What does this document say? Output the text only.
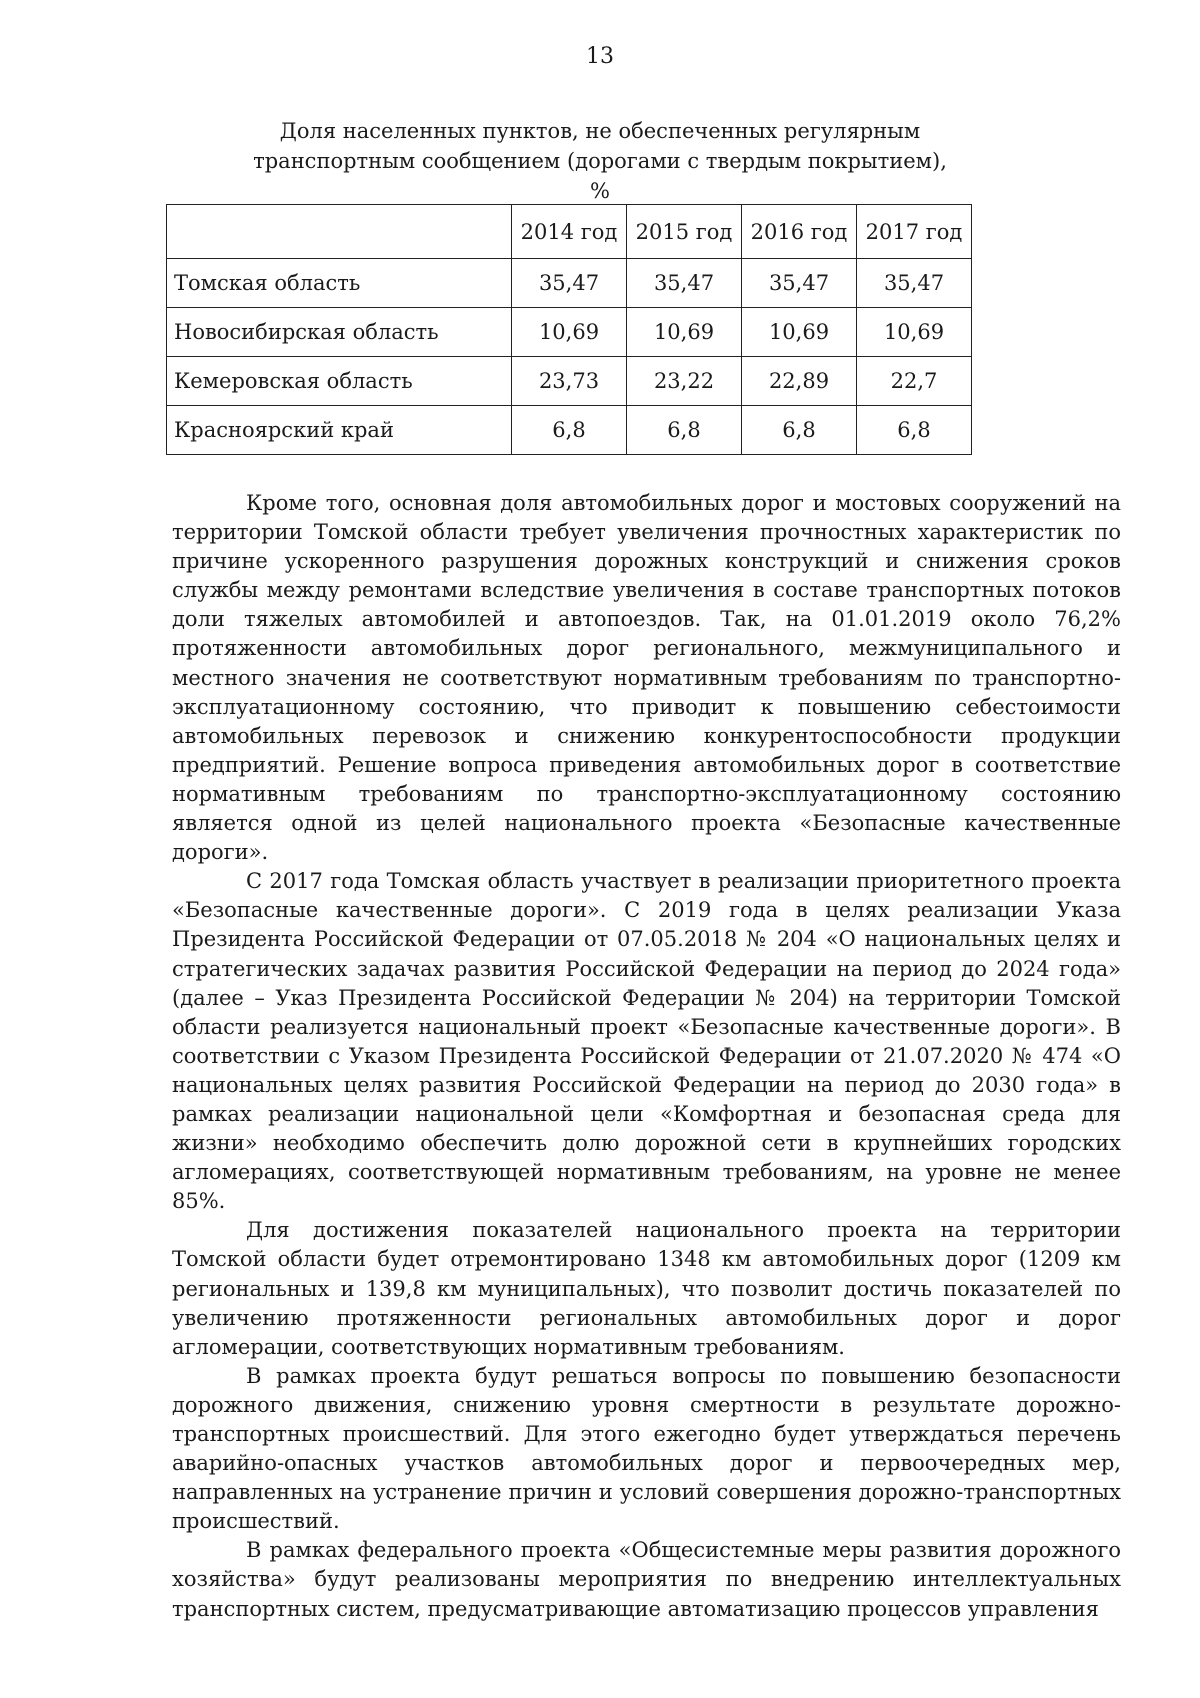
13
Доля населенных пунктов, не обеспеченных регулярным
транспортным сообщением (дорогами с твердым покрытием), %
	2014 год	2015 год	2016 год	2017 год
Томская область	35,47	35,47	35,47	35,47
Новосибирская область	10,69	10,69	10,69	10,69
Кемеровская область	23,73	23,22	22,89	22,7
Красноярский край	6,8	6,8	6,8	6,8

Кроме того, основная доля автомобильных дорог и мостовых сооружений на территории Томской области требует увеличения прочностных характеристик по причине ускоренного разрушения дорожных конструкций и снижения сроков службы между ремонтами вследствие увеличения в составе транспортных потоков доли тяжелых автомобилей и автопоездов. Так, на 01.01.2019 около 76,2% протяженности автомобильных дорог регионального, межмуниципального и местного значения не соответствуют нормативным требованиям по транспортно-эксплуатационному состоянию, что приводит к повышению себестоимости автомобильных перевозок и снижению конкурентоспособности продукции предприятий. Решение вопроса приведения автомобильных дорог в соответствие нормативным требованиям по транспортно-эксплуатационному состоянию является одной из целей национального проекта «Безопасные качественные дороги».

С 2017 года Томская область участвует в реализации приоритетного проекта «Безопасные качественные дороги». С 2019 года в целях реализации Указа Президента Российской Федерации от 07.05.2018 № 204 «О национальных целях и стратегических задачах развития Российской Федерации на период до 2024 года» (далее – Указ Президента Российской Федерации № 204) на территории Томской области реализуется национальный проект «Безопасные качественные дороги». В соответствии с Указом Президента Российской Федерации от 21.07.2020 № 474 «О национальных целях развития Российской Федерации на период до 2030 года» в рамках реализации национальной цели «Комфортная и безопасная среда для жизни» необходимо обеспечить долю дорожной сети в крупнейших городских агломерациях, соответствующей нормативным требованиям, на уровне не менее 85%.

Для достижения показателей национального проекта на территории Томской области будет отремонтировано 1348 км автомобильных дорог (1209 км региональных и 139,8 км муниципальных), что позволит достичь показателей по увеличению протяженности региональных автомобильных дорог и дорог агломерации, соответствующих нормативным требованиям.

В рамках проекта будут решаться вопросы по повышению безопасности дорожного движения, снижению уровня смертности в результате дорожно-транспортных происшествий. Для этого ежегодно будет утверждаться перечень аварийно-опасных участков автомобильных дорог и первоочередных мер, направленных на устранение причин и условий совершения дорожно-транспортных происшествий.

В рамках федерального проекта «Общесистемные меры развития дорожного хозяйства» будут реализованы мероприятия по внедрению интеллектуальных транспортных систем, предусматривающие автоматизацию процессов управления
